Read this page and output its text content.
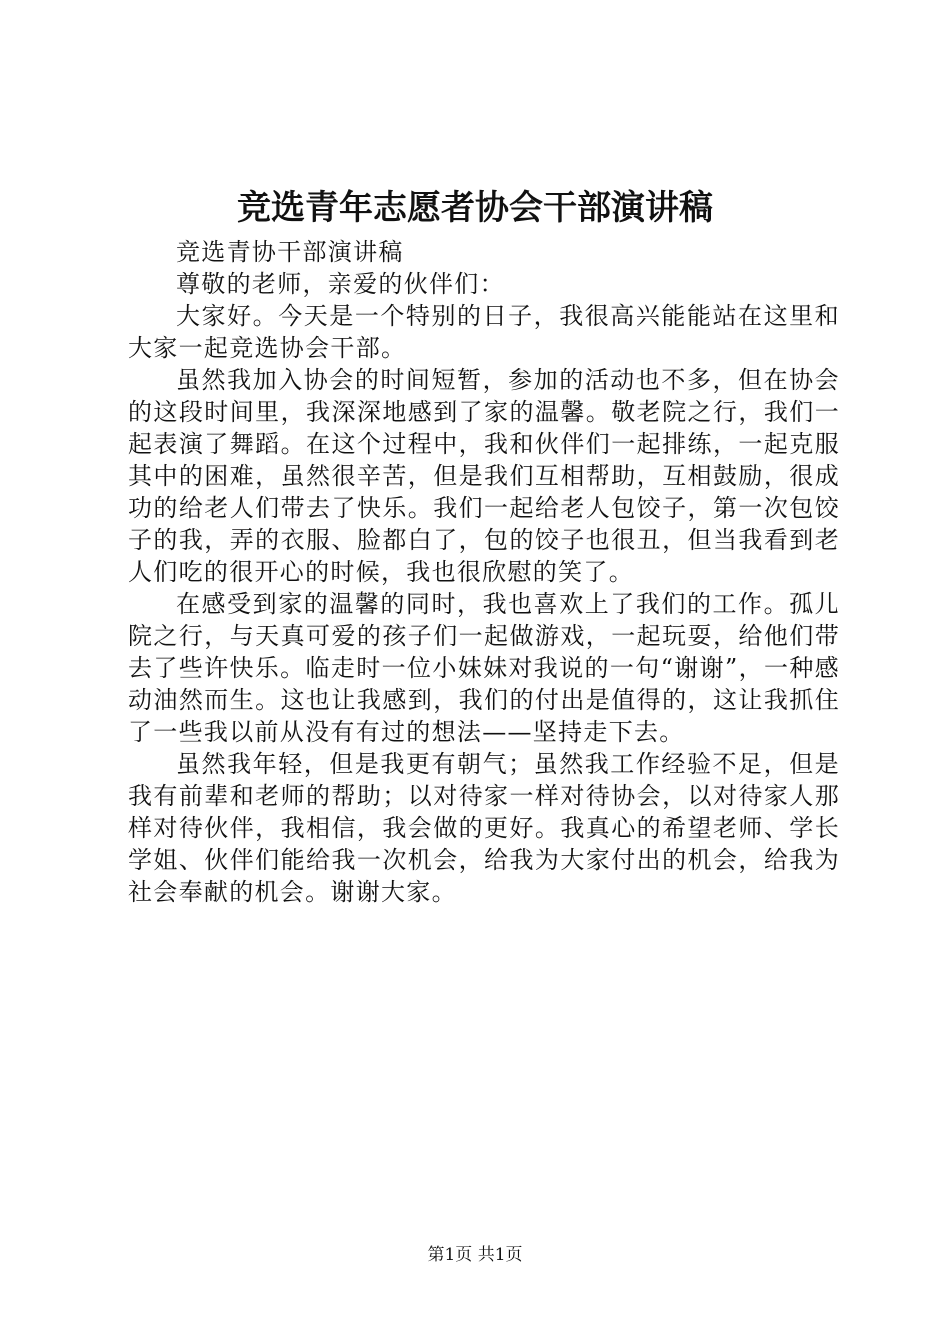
竞选青年志愿者协会干部演讲稿

竞选青协干部演讲稿

尊敬的老师，亲爱的伙伴们：

大家好。今天是一个特别的日子，我很高兴能能站在这里和大家一起竞选协会干部。

虽然我加入协会的时间短暂，参加的活动也不多，但在协会的这段时间里，我深深地感到了家的温馨。敬老院之行，我们一起表演了舞蹈。在这个过程中，我和伙伴们一起排练，一起克服其中的困难，虽然很辛苦，但是我们互相帮助，互相鼓励，很成功的给老人们带去了快乐。我们一起给老人包饺子，第一次包饺子的我，弄的衣服、脸都白了，包的饺子也很丑，但当我看到老人们吃的很开心的时候，我也很欣慰的笑了。

在感受到家的温馨的同时，我也喜欢上了我们的工作。孤儿院之行，与天真可爱的孩子们一起做游戏，一起玩耍，给他们带去了些许快乐。临走时一位小妹妹对我说的一句“谢谢”，一种感动油然而生。这也让我感到，我们的付出是值得的，这让我抓住了一些我以前从没有有过的想法——坚持走下去。

虽然我年轻，但是我更有朝气；虽然我工作经验不足，但是我有前辈和老师的帮助；以对待家一样对待协会，以对待家人那样对待伙伴，我相信，我会做的更好。我真心的希望老师、学长学姐、伙伴们能给我一次机会，给我为大家付出的机会，给我为社会奉献的机会。谢谢大家。

第1页 共1页
